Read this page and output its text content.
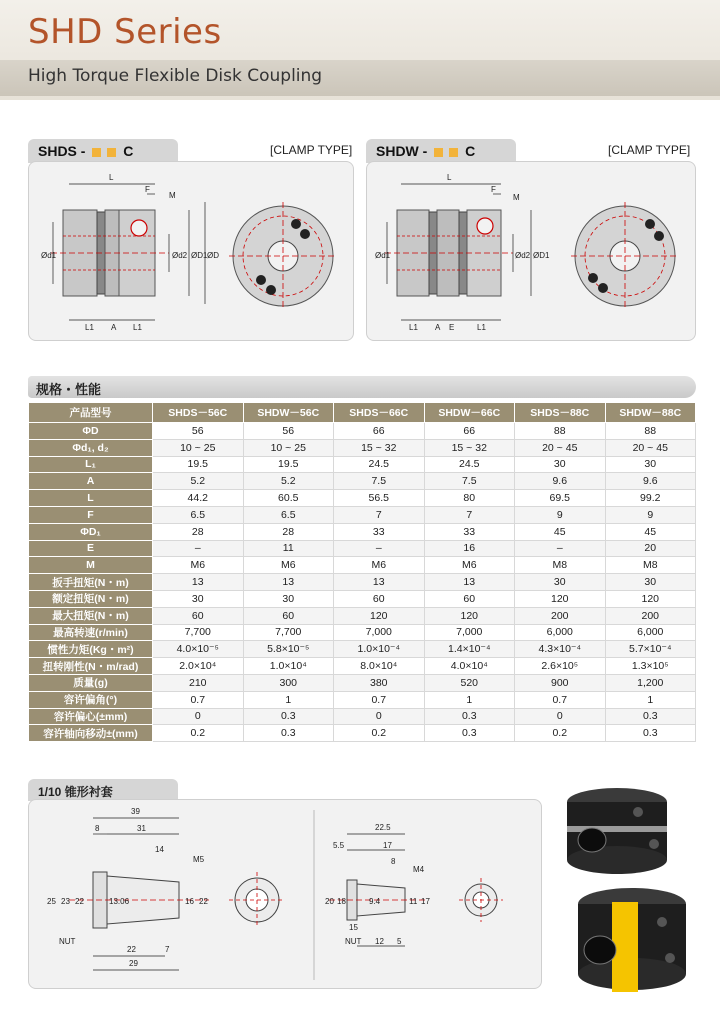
SHD Series
High Torque Flexible Disk Coupling
SHDS -	C	[CLAMP TYPE]
L
F
M
Ød1	Ød2 ØD1 ØD
L1 A L1
SHDW -	C	[CLAMP TYPE]
L
F
M
Ød1	Ød2 ØD1
L1 A E	L1
规格・性能
产品型号	SHDS－56C	SHDW－56C	SHDS－66C	SHDW－66C	SHDS－88C	SHDW－88C
ΦD	56	56	66	66	88	88
Φd₁, d₂	10 ~ 25	10 ~ 25	15 ~ 32	15 ~ 32	20 ~ 45	20 ~ 45
L₁	19.5	19.5	24.5	24.5	30	30
A	5.2	5.2	7.5	7.5	9.6	9.6
L	44.2	60.5	56.5	80	69.5	99.2
F	6.5	6.5	7	7	9	9
ΦD₁	28	28	33	33	45	45
E	–	11	–	16	–	20
M	M6	M6	M6	M6	M8	M8
扳手扭矩(N・m)	13	13	13	13	30	30
额定扭矩(N・m)	30	30	60	60	120	120
最大扭矩(N・m)	60	60	120	120	200	200
最高转速(r/min)	7,700	7,700	7,000	7,000	6,000	6,000
惯性力矩(Kg・m²)	4.0×10⁻⁵	5.8×10⁻⁵	1.0×10⁻⁴	1.4×10⁻⁴	4.3×10⁻⁴	5.7×10⁻⁴
扭转刚性(N・m/rad)	2.0×10⁴	1.0×10⁴	8.0×10⁴	4.0×10⁴	2.6×10⁵	1.3×10⁵
质量(g)	210	300	380	520	900	1,200
容许偏角(°)	0.7	1	0.7	1	0.7	1
容许偏心(±mm)	0	0.3	0	0.3	0	0.3
容许轴向移动±(mm)	0.2	0.3	0.2	0.3	0.2	0.3
1/10 锥形衬套
39
8	31
14
M5
25 23 22	13.06	16 22
22	7
29
NUT
22.5
5.5	17
8
M4
20 18
15
9.4	11 17
12 5
NUT
